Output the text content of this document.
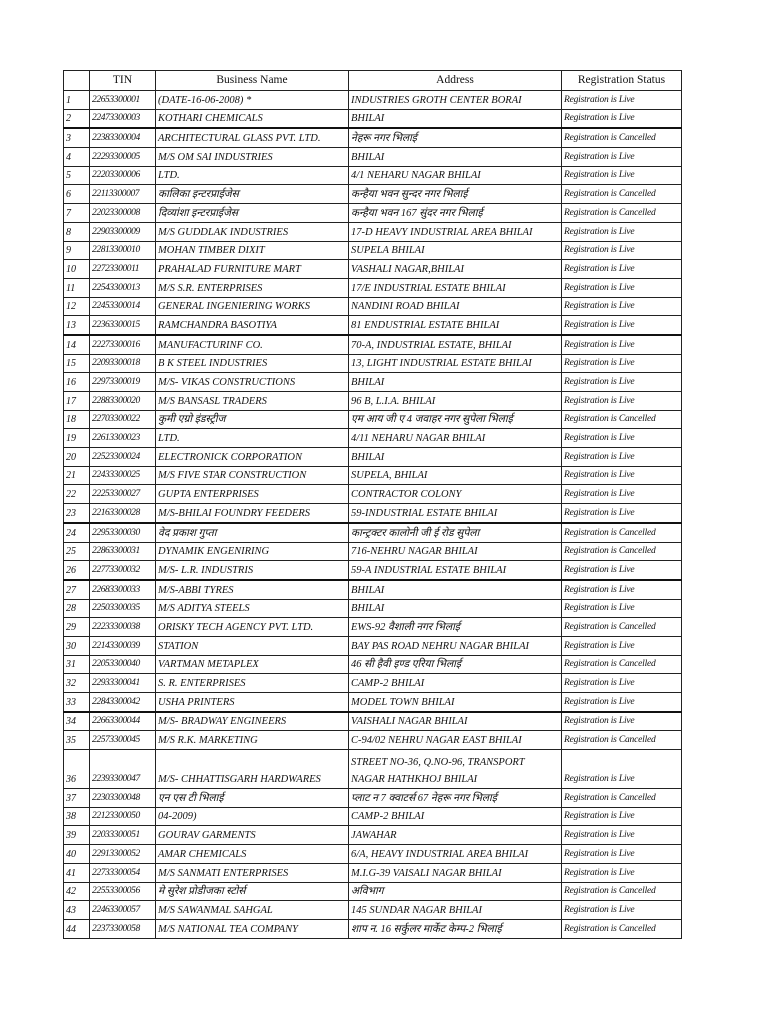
	TIN	Business Name	Address	Registration Status
1	22653300001	(DATE-16-06-2008) *	INDUSTRIES GROTH CENTER BORAI	Registration is Live
2	22473300003	KOTHARI CHEMICALS	BHILAI	Registration is Live
3	22383300004	ARCHITECTURAL GLASS PVT. LTD.	नेहरू नगर भिलाई	Registration is Cancelled
4	22293300005	M/S OM SAI INDUSTRIES	BHILAI	Registration is Live
5	22203300006	LTD.	4/1 NEHARU NAGAR BHILAI	Registration is Live
6	22113300007	कालिका इन्टरप्राईजेस	कन्हैया भवन सुन्दर नगर भिलाई	Registration is Cancelled
7	22023300008	दिव्यांशा इन्टरप्राईजेस	कन्हैया भवन 167 सुंदर नगर भिलाई	Registration is Cancelled
8	22903300009	M/S GUDDLAK INDUSTRIES	17-D HEAVY INDUSTRIAL AREA BHILAI	Registration is Live
9	22813300010	MOHAN TIMBER DIXIT	SUPELA BHILAI	Registration is Live
10	22723300011	PRAHALAD FURNITURE MART	VASHALI NAGAR,BHILAI	Registration is Live
11	22543300013	M/S S.R. ENTERPRISES	17/E INDUSTRIAL ESTATE BHILAI	Registration is Live
12	22453300014	GENERAL INGENIERING WORKS	NANDINI ROAD BHILAI	Registration is Live
13	22363300015	RAMCHANDRA BASOTIYA	81 ENDUSTRIAL ESTATE BHILAI	Registration is Live
14	22273300016	MANUFACTURINF CO.	70-A, INDUSTRIAL ESTATE, BHILAI	Registration is Live
15	22093300018	B K STEEL INDUSTRIES	13, LIGHT INDUSTRIAL ESTATE BHILAI	Registration is Live
16	22973300019	M/S- VIKAS CONSTRUCTIONS	BHILAI	Registration is Live
17	22883300020	M/S BANSASL TRADERS	96 B, L.I.A. BHILAI	Registration is Live
18	22703300022	कुमी एग्रो इंडस्ट्रीज	एम आय जी ए 4 जवाहर नगर सुपेला भिलाई	Registration is Cancelled
19	22613300023	LTD.	4/11 NEHARU NAGAR BHILAI	Registration is Live
20	22523300024	ELECTRONICK CORPORATION	BHILAI	Registration is Live
21	22433300025	M/S FIVE STAR CONSTRUCTION	SUPELA, BHILAI	Registration is Live
22	22253300027	GUPTA ENTERPRISES	CONTRACTOR COLONY	Registration is Live
23	22163300028	M/S-BHILAI FOUNDRY FEEDERS	59-INDUSTRIAL ESTATE BHILAI	Registration is Live
24	22953300030	वेद प्रकाश गुप्ता	कान्ट्रक्टर कालोनी जी ई रोड सुपेला	Registration is Cancelled
25	22863300031	DYNAMIK ENGENIRING	716-NEHRU NAGAR BHILAI	Registration is Cancelled
26	22773300032	M/S- L.R. INDUSTRIS	59-A INDUSTRIAL ESTATE BHILAI	Registration is Live
27	22683300033	M/S-ABBI TYRES	BHILAI	Registration is Live
28	22503300035	M/S ADITYA STEELS	BHILAI	Registration is Live
29	22233300038	ORISKY TECH AGENCY PVT. LTD.	EWS-92 वैशाली नगर भिलाई	Registration is Cancelled
30	22143300039	STATION	BAY PAS ROAD NEHRU NAGAR BHILAI	Registration is Live
31	22053300040	VARTMAN METAPLEX	46 सी हैवी इण्ड एरिया भिलाई	Registration is Cancelled
32	22933300041	S. R. ENTERPRISES	CAMP-2 BHILAI	Registration is Live
33	22843300042	USHA PRINTERS	MODEL TOWN BHILAI	Registration is Live
34	22663300044	M/S- BRADWAY ENGINEERS	VAISHALI NAGAR BHILAI	Registration is Live
35	22573300045	M/S R.K. MARKETING	C-94/02 NEHRU NAGAR EAST BHILAI	Registration is Cancelled
36	22393300047	M/S- CHHATTISGARH HARDWARES	STREET NO-36, Q.NO-96, TRANSPORT NAGAR HATHKHOJ BHILAI	Registration is Live
37	22303300048	एन एस टी भिलाई	प्लाट न 7 क्वाटर्स 67 नेहरू नगर भिलाई	Registration is Cancelled
38	22123300050	04-2009)	CAMP-2 BHILAI	Registration is Live
39	22033300051	GOURAV GARMENTS	JAWAHAR	Registration is Live
40	22913300052	AMAR CHEMICALS	6/A, HEAVY INDUSTRIAL AREA BHILAI	Registration is Live
41	22733300054	M/S SANMATI ENTERPRISES	M.I.G-39 VAISALI NAGAR BHILAI	Registration is Live
42	22553300056	मे सुरेश प्रोडीजका स्टोर्स	अविभाग	Registration is Cancelled
43	22463300057	M/S SAWANMAL SAHGAL	145 SUNDAR NAGAR BHILAI	Registration is Live
44	22373300058	M/S NATIONAL TEA COMPANY	शाप न. 16 सर्कुलर मार्केट केम्प-2 भिलाई	Registration is Cancelled
